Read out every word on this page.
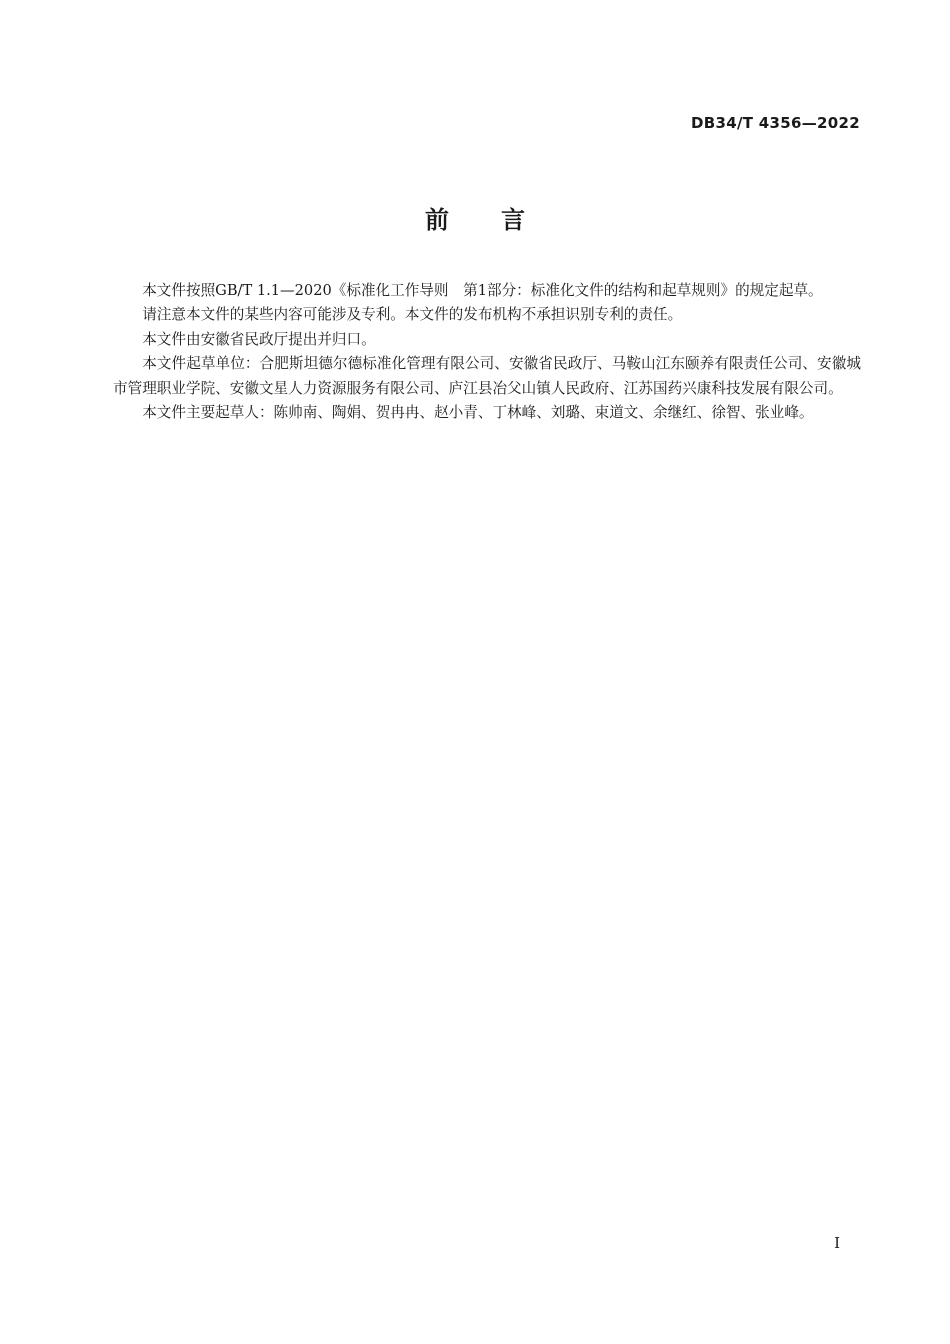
DB34/T 4356—2022
前 言

本文件按照GB/T 1.1—2020《标准化工作导则　第1部分：标准化文件的结构和起草规则》的规定起草。

请注意本文件的某些内容可能涉及专利。本文件的发布机构不承担识别专利的责任。

本文件由安徽省民政厅提出并归口。

本文件起草单位：合肥斯坦德尔德标准化管理有限公司、安徽省民政厅、马鞍山江东颐养有限责任公司、安徽城市管理职业学院、安徽文星人力资源服务有限公司、庐江县冶父山镇人民政府、江苏国药兴康科技发展有限公司。

本文件主要起草人：陈帅南、陶娟、贺冉冉、赵小青、丁林峰、刘璐、束道文、余继红、徐智、张业峰。

I
